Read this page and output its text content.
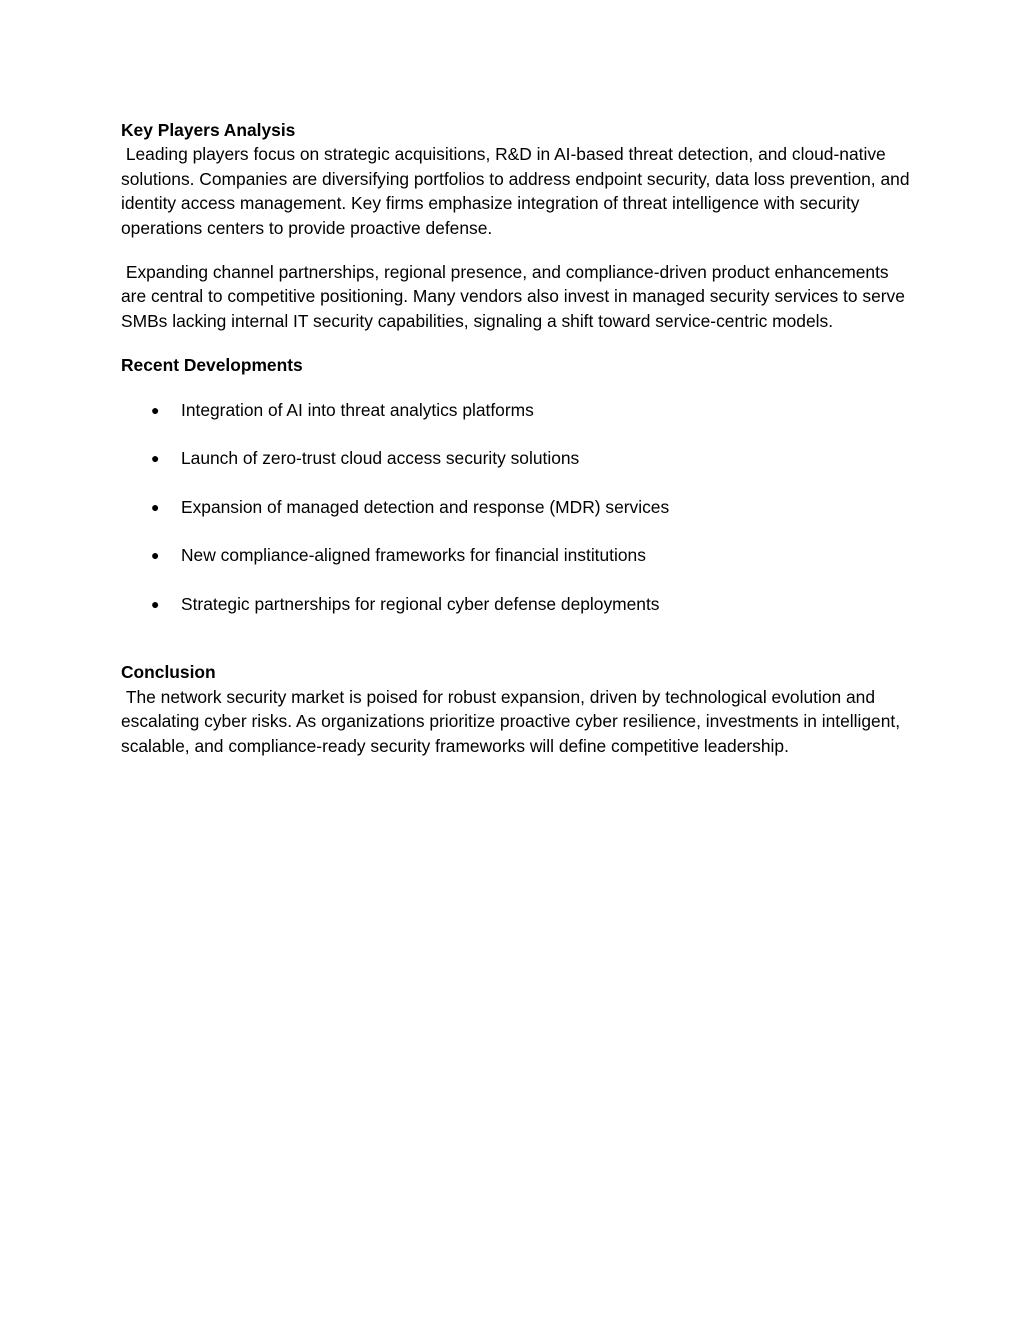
Key Players Analysis

Leading players focus on strategic acquisitions, R&D in AI-based threat detection, and cloud-native solutions. Companies are diversifying portfolios to address endpoint security, data loss prevention, and identity access management. Key firms emphasize integration of threat intelligence with security operations centers to provide proactive defense.

Expanding channel partnerships, regional presence, and compliance-driven product enhancements are central to competitive positioning. Many vendors also invest in managed security services to serve SMBs lacking internal IT security capabilities, signaling a shift toward service-centric models.

Recent Developments

● Integration of AI into threat analytics platforms
● Launch of zero-trust cloud access security solutions
● Expansion of managed detection and response (MDR) services
● New compliance-aligned frameworks for financial institutions
● Strategic partnerships for regional cyber defense deployments

Conclusion

The network security market is poised for robust expansion, driven by technological evolution and escalating cyber risks. As organizations prioritize proactive cyber resilience, investments in intelligent, scalable, and compliance-ready security frameworks will define competitive leadership.
